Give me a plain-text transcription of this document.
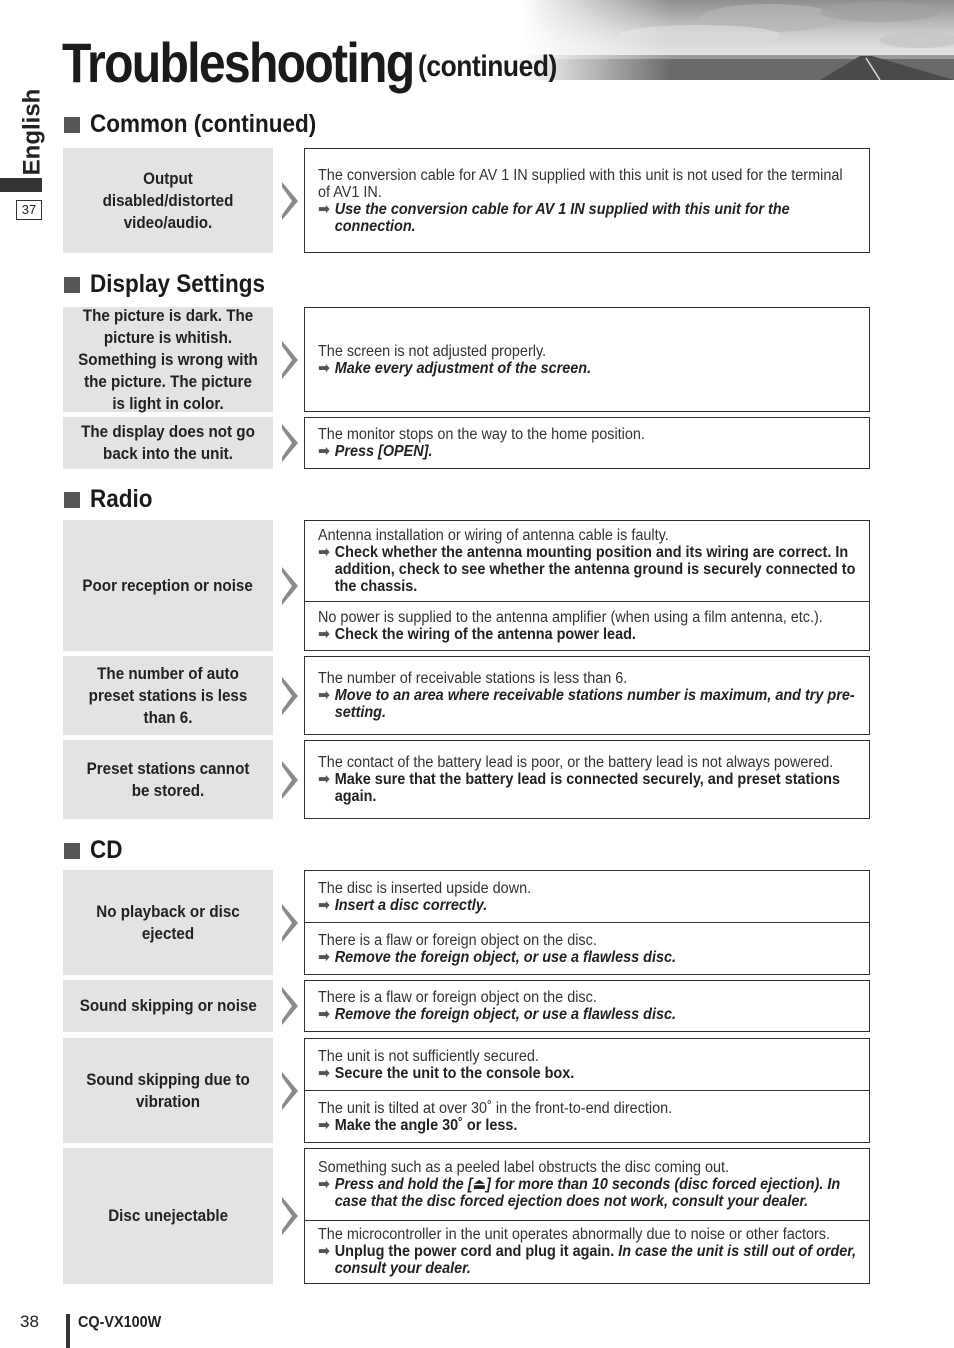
Troubleshooting (continued)
English
37
Common (continued)
Output disabled/distorted video/audio.
The conversion cable for AV 1 IN supplied with this unit is not used for the terminal of AV1 IN.
➡ Use the conversion cable for AV 1 IN supplied with this unit for the connection.
Display Settings
The picture is dark. The picture is whitish. Something is wrong with the picture. The picture is light in color.
The screen is not adjusted properly.
➡ Make every adjustment of the screen.
The display does not go back into the unit.
The monitor stops on the way to the home position.
➡ Press [OPEN].
Radio
Poor reception or noise
Antenna installation or wiring of antenna cable is faulty.
➡ Check whether the antenna mounting position and its wiring are correct. In addition, check to see whether the antenna ground is securely connected to the chassis.
No power is supplied to the antenna amplifier (when using a film antenna, etc.).
➡ Check the wiring of the antenna power lead.
The number of auto preset stations is less than 6.
The number of receivable stations is less than 6.
➡ Move to an area where receivable stations number is maximum, and try pre-setting.
Preset stations cannot be stored.
The contact of the battery lead is poor, or the battery lead is not always powered.
➡ Make sure that the battery lead is connected securely, and preset stations again.
CD
No playback or disc ejected
The disc is inserted upside down.
➡ Insert a disc correctly.
There is a flaw or foreign object on the disc.
➡ Remove the foreign object, or use a flawless disc.
Sound skipping or noise	There is a flaw or foreign object on the disc.
➡ Remove the foreign object, or use a flawless disc.
Sound skipping due to vibration
The unit is not sufficiently secured.
➡ Secure the unit to the console box.
The unit is tilted at over 30˚ in the front-to-end direction.
➡ Make the angle 30˚ or less.
Disc unejectable
Something such as a peeled label obstructs the disc coming out.
➡ Press and hold the [⏏] for more than 10 seconds (disc forced ejection). In case that the disc forced ejection does not work, consult your dealer.
The microcontroller in the unit operates abnormally due to noise or other factors.
➡ Unplug the power cord and plug it again. In case the unit is still out of order, consult your dealer.
38 CQ-VX100W
